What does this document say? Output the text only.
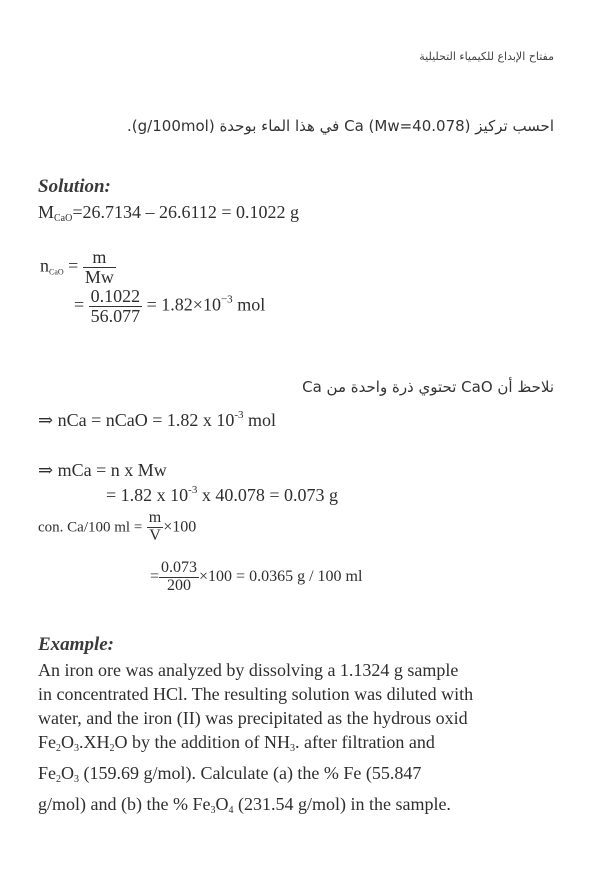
مفتاح الإبداع للكيمياء التحليلية
احسب تركيز Ca (Mw=40.078) في هذا الماء بوحدة (g/100mol).
Solution:
$M_{CaO}=26.7134 - 26.6112 = 0.1022$ g
$n_{CaO} = \frac{m}{Mw}$
= $\frac{0.1022}{56.077} = 1.82\times 10^{-3}$ mol
نلاحظ أن CaO تحتوي ذرة واحدة من Ca
⇒ nCa = nCaO = 1.82 x $10^{-3}$ mol
⇒ mCa = n x Mw
= 1.82 x $10^{-3}$ x 40.078 = 0.073 g
con. Ca/100 ml = $\frac{m}{V} \times 100$
= $\frac{0.073}{200} \times 100 = 0.0365$ g / 100 ml
Example:
An iron ore was analyzed by dissolving a 1.1324 g sample
in concentrated HCl. The resulting solution was diluted with
water, and the iron (II) was precipitated as the hydrous oxid
$Fe_2O_3.XH_2O$ by the addition of $NH_3$. after filtration and
$Fe_2O_3$ (159.69 g/mol). Calculate (a) the % Fe (55.847
g/mol) and (b) the % $Fe_3O_4$ (231.54 g/mol) in the sample.
